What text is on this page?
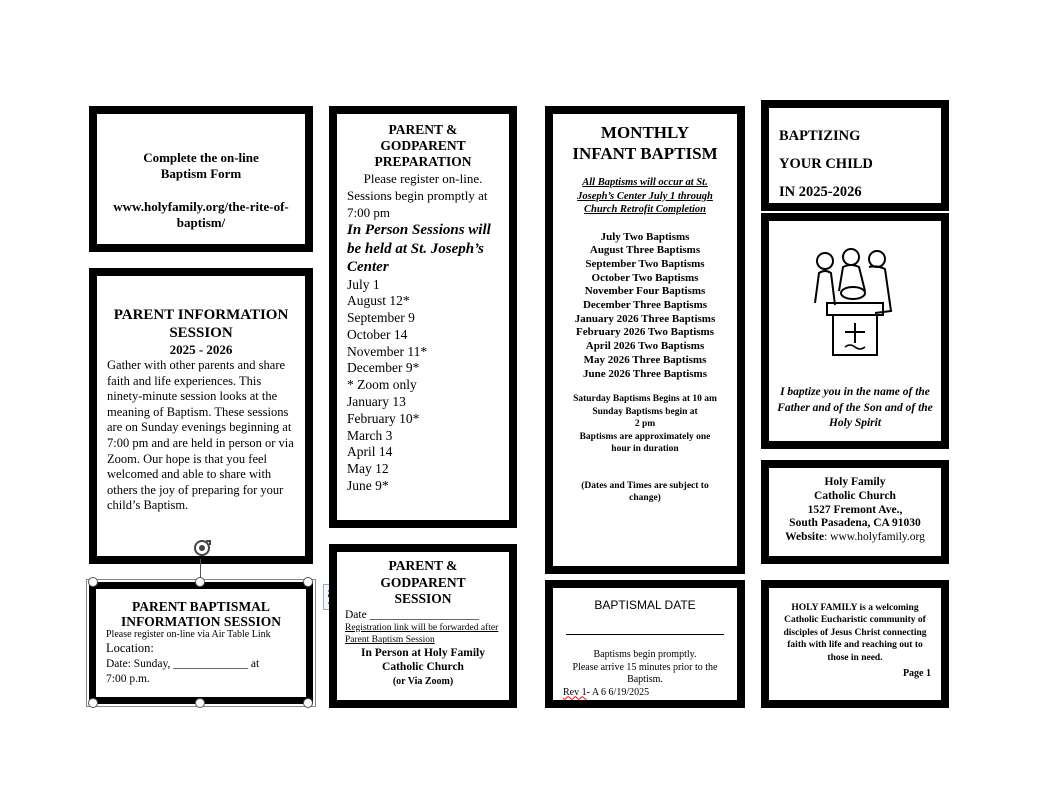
Complete the on-line
Baptism Form
www.holyfamily.org/the-rite-of-baptism/
PARENT INFORMATION
SESSION
2025 - 2026
Gather with other parents and share faith and life experiences. This ninety-minute session looks at the meaning of Baptism. These sessions are on Sunday evenings beginning at 7:00 pm and are held in person or via Zoom. Our hope is that you feel welcomed and able to share with others the joy of preparing for your child’s Baptism.
PARENT BAPTISMAL
INFORMATION SESSION
Please register on-line via Air Table Link
Location:
Date: Sunday, _____________ at
7:00 p.m.
PARENT &
GODPARENT
PREPARATION
Please register on-line.
Sessions begin promptly at 7:00 pm
In Person Sessions will be held at St. Joseph’s Center
July 1
August 12*
September 9
October 14
November 11*
December 9*
* Zoom only
January 13
February 10*
March 3
April 14
May 12
June 9*
PARENT &
GODPARENT
SESSION
Date ___________________
Registration link will be forwarded after Parent Baptism Session
In Person at Holy Family
Catholic Church
(or Via Zoom)
MONTHLY
INFANT BAPTISM
All Baptisms will occur at St. Joseph’s Center July 1 through Church Retrofit Completion
July Two Baptisms
August Three Baptisms
September Two Baptisms
October Two Baptisms
November Four Baptisms
December Three Baptisms
January 2026 Three Baptisms
February 2026 Two Baptisms
April 2026 Two Baptisms
May 2026 Three Baptisms
June 2026 Three Baptisms
Saturday Baptisms Begins at 10 am
Sunday Baptisms begin at
2 pm
Baptisms are approximately one hour in duration
(Dates and Times are subject to change)
BAPTISMAL DATE
Baptisms begin promptly.
Please arrive 15 minutes prior to the Baptism.
Rev 1- A 6 6/19/2025
BAPTIZING
YOUR CHILD
IN 2025-2026
I baptize you in the name of the Father and of the Son and of the Holy Spirit
Holy Family
Catholic Church
1527 Fremont Ave.,
South Pasadena, CA 91030
Website: www.holyfamily.org
HOLY FAMILY is a welcoming Catholic Eucharistic community of disciples of Jesus Christ connecting faith with life and reaching out to those in need.
Page 1
